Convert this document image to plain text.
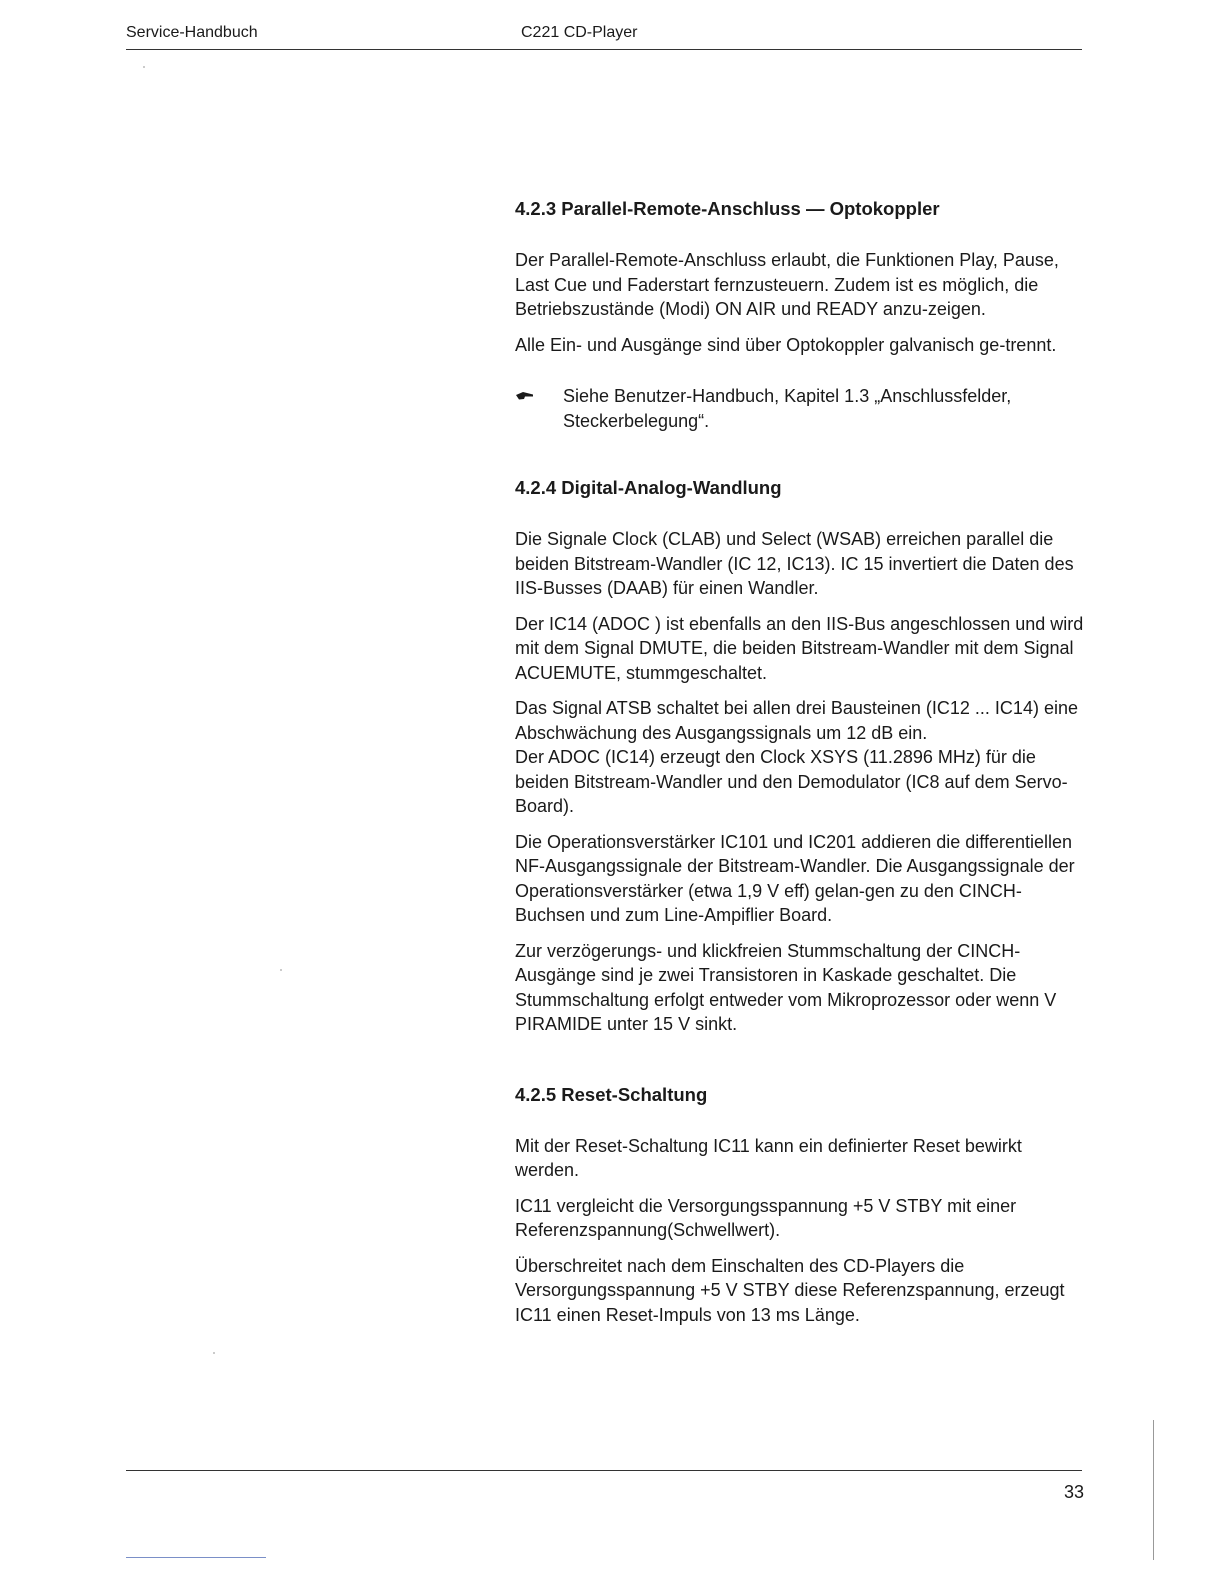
Service-Handbuch	C221 CD-Player
4.2.3 Parallel-Remote-Anschluss — Optokoppler

Der Parallel-Remote-Anschluss erlaubt, die Funktionen Play, Pause, Last Cue und Faderstart fernzusteuern. Zudem ist es möglich, die Betriebszustände (Modi) ON AIR und READY anzu-zeigen.

Alle Ein- und Ausgänge sind über Optokoppler galvanisch ge-trennt.

Siehe Benutzer-Handbuch, Kapitel 1.3 „Anschlussfelder, Steckerbelegung“.

4.2.4 Digital-Analog-Wandlung

Die Signale Clock (CLAB) und Select (WSAB) erreichen parallel die beiden Bitstream-Wandler (IC 12, IC13). IC 15 invertiert die Daten des IIS-Busses (DAAB) für einen Wandler.

Der IC14 (ADOC ) ist ebenfalls an den IIS-Bus angeschlossen und wird mit dem Signal DMUTE, die beiden Bitstream-Wandler mit dem Signal ACUEMUTE, stummgeschaltet.

Das Signal ATSB schaltet bei allen drei Bausteinen (IC12 ... IC14) eine Abschwächung des Ausgangssignals um 12 dB ein.

Der ADOC (IC14) erzeugt den Clock XSYS (11.2896 MHz) für die beiden Bitstream-Wandler und den Demodulator (IC8 auf dem Servo-Board).

Die Operationsverstärker IC101 und IC201 addieren die differentiellen NF-Ausgangssignale der Bitstream-Wandler. Die Ausgangssignale der Operationsverstärker (etwa 1,9 V eff) gelan-gen zu den CINCH-Buchsen und zum Line-Ampiflier Board.

Zur verzögerungs- und klickfreien Stummschaltung der CINCH-Ausgänge sind je zwei Transistoren in Kaskade geschaltet. Die Stummschaltung erfolgt entweder vom Mikroprozessor oder wenn V PIRAMIDE unter 15 V sinkt.

4.2.5 Reset-Schaltung

Mit der Reset-Schaltung IC11 kann ein definierter Reset bewirkt werden.

IC11 vergleicht die Versorgungsspannung +5 V STBY mit einer Referenzspannung(Schwellwert).

Überschreitet nach dem Einschalten des CD-Players die Versorgungsspannung +5 V STBY diese Referenzspannung, erzeugt IC11 einen Reset-Impuls von 13 ms Länge.

33
